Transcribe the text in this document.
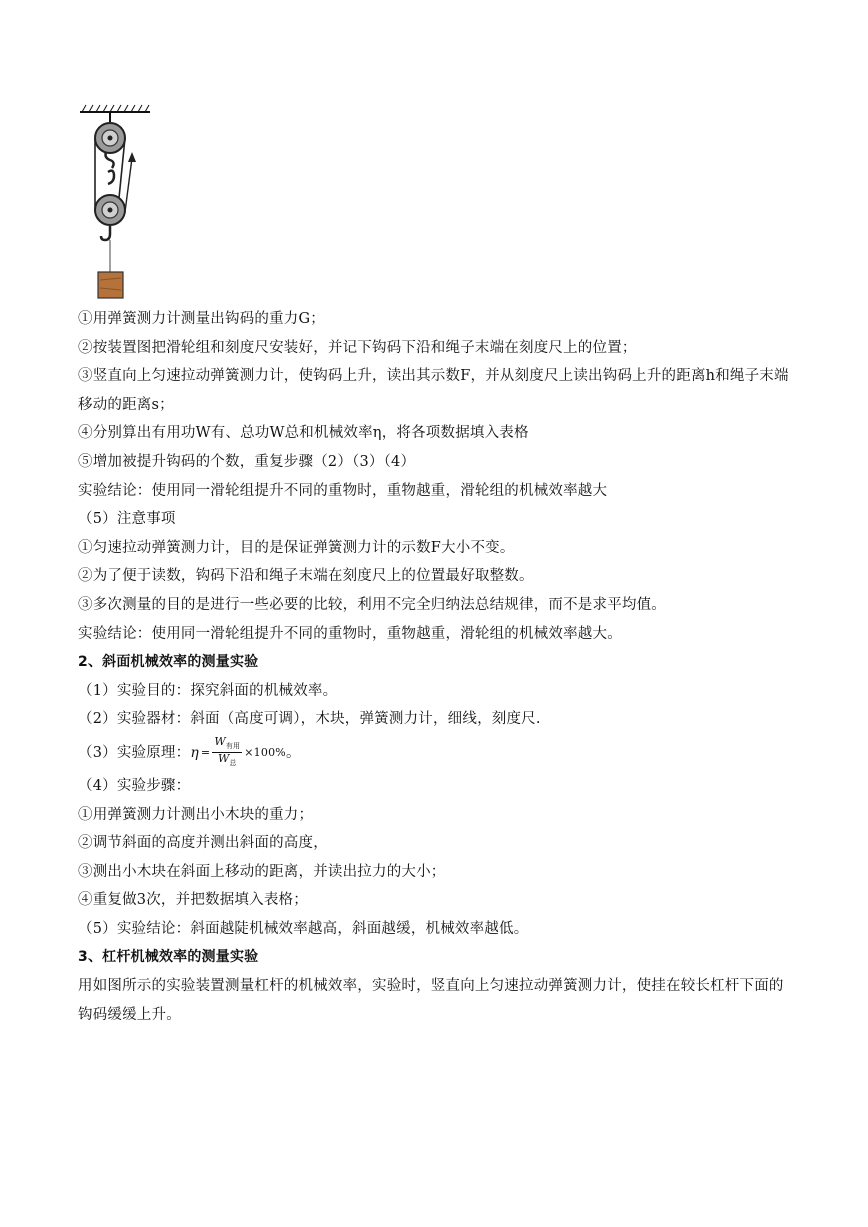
①用弹簧测力计测量出钩码的重力G；
②按装置图把滑轮组和刻度尺安装好，并记下钩码下沿和绳子末端在刻度尺上的位置；
③竖直向上匀速拉动弹簧测力计，使钩码上升，读出其示数F，并从刻度尺上读出钩码上升的距离h和绳子末端移动的距离s；
④分别算出有用功W有、总功W总和机械效率η，将各项数据填入表格
⑤增加被提升钩码的个数，重复步骤（2）（3）（4）
实验结论：使用同一滑轮组提升不同的重物时，重物越重，滑轮组的机械效率越大
（5）注意事项
①匀速拉动弹簧测力计，目的是保证弹簧测力计的示数F大小不变。
②为了便于读数，钩码下沿和绳子末端在刻度尺上的位置最好取整数。
③多次测量的目的是进行一些必要的比较，利用不完全归纳法总结规律，而不是求平均值。
实验结论：使用同一滑轮组提升不同的重物时，重物越重，滑轮组的机械效率越大。
2、斜面机械效率的测量实验
（1）实验目的：探究斜面的机械效率。
（2）实验器材：斜面（高度可调），木块，弹簧测力计，细线，刻度尺.
（3）实验原理： $\eta = \frac{W_{有用}}{W_总} \times 100\%$ 。
（4）实验步骤：
①用弹簧测力计测出小木块的重力；
②调节斜面的高度并测出斜面的高度，
③测出小木块在斜面上移动的距离，并读出拉力的大小；
④重复做3次，并把数据填入表格；
（5）实验结论：斜面越陡机械效率越高，斜面越缓，机械效率越低。
3、杠杆机械效率的测量实验
用如图所示的实验装置测量杠杆的机械效率，实验时，竖直向上匀速拉动弹簧测力计，使挂在较长杠杆下面的钩码缓缓上升。
